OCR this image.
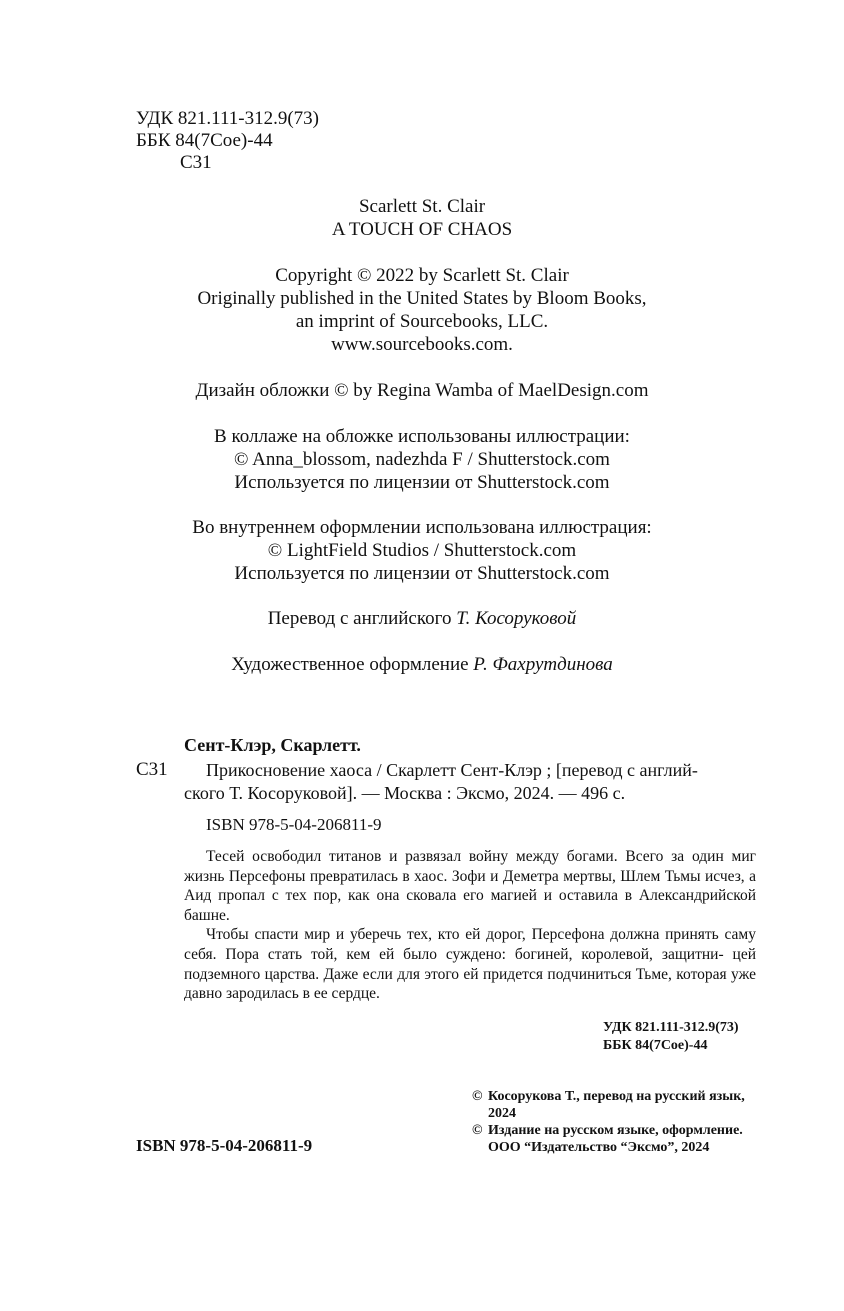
УДК 821.111-312.9(73)

ББК 84(7Сое)-44

С31

Scarlett St. Clair

A TOUCH OF CHAOS

Copyright © 2022 by Scarlett St. Clair

Originally published in the United States by Bloom Books,

an imprint of Sourcebooks, LLC.

www.sourcebooks.com.

Дизайн обложки © by Regina Wamba of MaelDesign.com

В коллаже на обложке использованы иллюстрации:

© Anna_blossom, nadezhda F / Shutterstock.com

Используется по лицензии от Shutterstock.com

Во внутреннем оформлении использована иллюстрация:

© LightField Studios / Shutterstock.com

Используется по лицензии от Shutterstock.com

Перевод с английского Т. Косоруковой

Художественное оформление Р. Фахрутдинова

Сент-Клэр, Скарлетт.

С31 Прикосновение хаоса / Скарлетт Сент-Клэр ; [перевод с англий-

ского Т. Косоруковой]. — Москва : Эксмо, 2024. — 496 с.

ISBN 978-5-04-206811-9

Тесей освободил титанов и развязал войну между богами. Всего за один миг жизнь Персефоны превратилась в хаос. Зофи и Деметра мертвы, Шлем Тьмы исчез, а Аид пропал с тех пор, как она сковала его магией и оставила в Александрийской башне.

Чтобы спасти мир и уберечь тех, кто ей дорог, Персефона должна принять саму себя. Пора стать той, кем ей было суждено: богиней, королевой, защитни- цей подземного царства. Даже если для этого ей придется подчиниться Тьме, которая уже давно зародилась в ее сердце.

УДК 821.111-312.9(73)

ББК 84(7Сое)-44

ISBN 978-5-04-206811-9

© Косорукова Т., перевод на русский язык,
2024
© Издание на русском языке, оформление.
ООО “Издательство “Эксмо”, 2024
